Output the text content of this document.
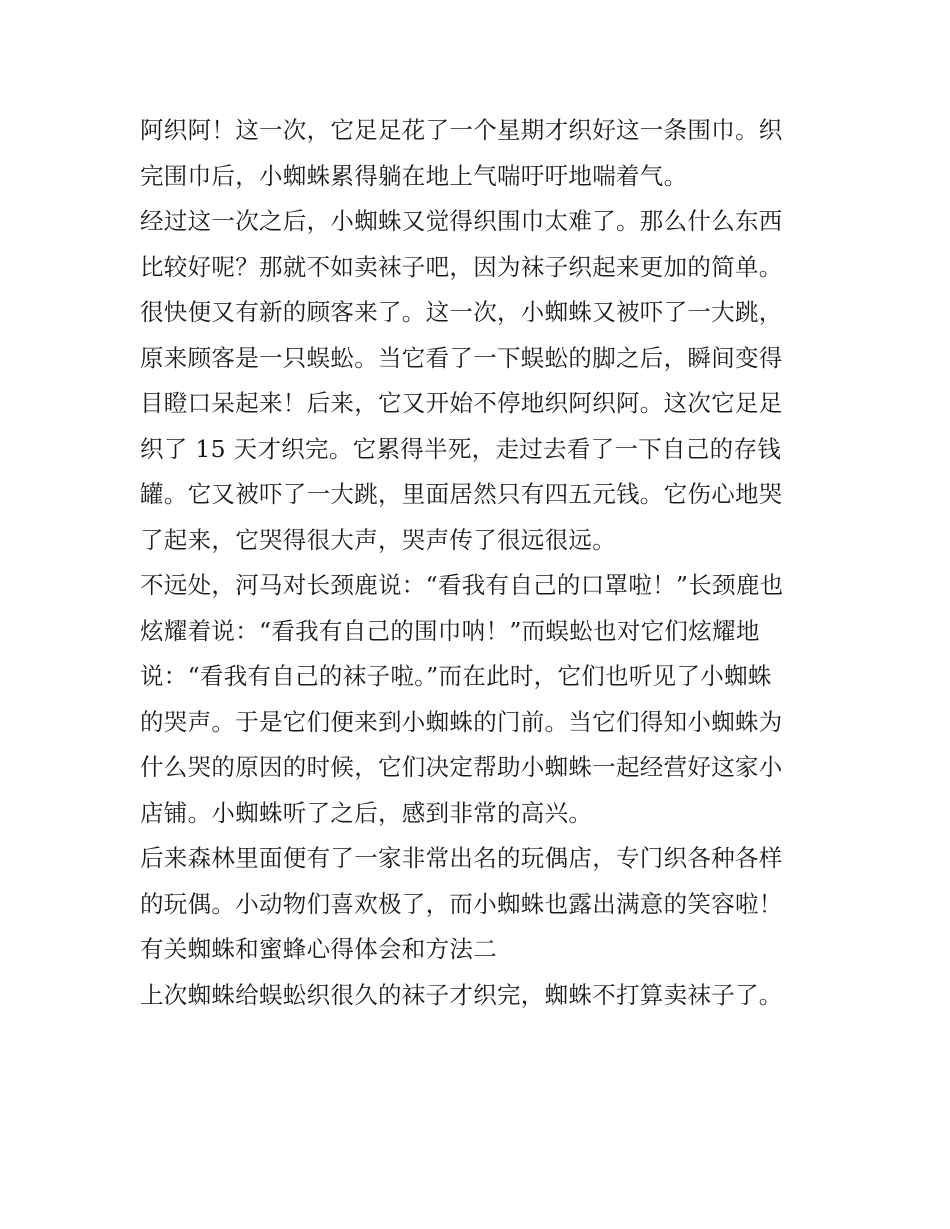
阿织阿！这一次，它足足花了一个星期才织好这一条围巾。织
完围巾后，小蜘蛛累得躺在地上气喘吁吁地喘着气。
经过这一次之后，小蜘蛛又觉得织围巾太难了。那么什么东西
比较好呢？那就不如卖袜子吧，因为袜子织起来更加的简单。
很快便又有新的顾客来了。这一次，小蜘蛛又被吓了一大跳，
原来顾客是一只蜈蚣。当它看了一下蜈蚣的脚之后，瞬间变得
目瞪口呆起来！后来，它又开始不停地织阿织阿。这次它足足
织了 15 天才织完。它累得半死，走过去看了一下自己的存钱
罐。它又被吓了一大跳，里面居然只有四五元钱。它伤心地哭
了起来，它哭得很大声，哭声传了很远很远。
不远处，河马对长颈鹿说：“看我有自己的口罩啦！”长颈鹿也
炫耀着说：“看我有自己的围巾呐！”而蜈蚣也对它们炫耀地
说：“看我有自己的袜子啦。”而在此时，它们也听见了小蜘蛛
的哭声。于是它们便来到小蜘蛛的门前。当它们得知小蜘蛛为
什么哭的原因的时候，它们决定帮助小蜘蛛一起经营好这家小
店铺。小蜘蛛听了之后，感到非常的高兴。
后来森林里面便有了一家非常出名的玩偶店，专门织各种各样
的玩偶。小动物们喜欢极了，而小蜘蛛也露出满意的笑容啦！
有关蜘蛛和蜜蜂心得体会和方法二
上次蜘蛛给蜈蚣织很久的袜子才织完，蜘蛛不打算卖袜子了。
